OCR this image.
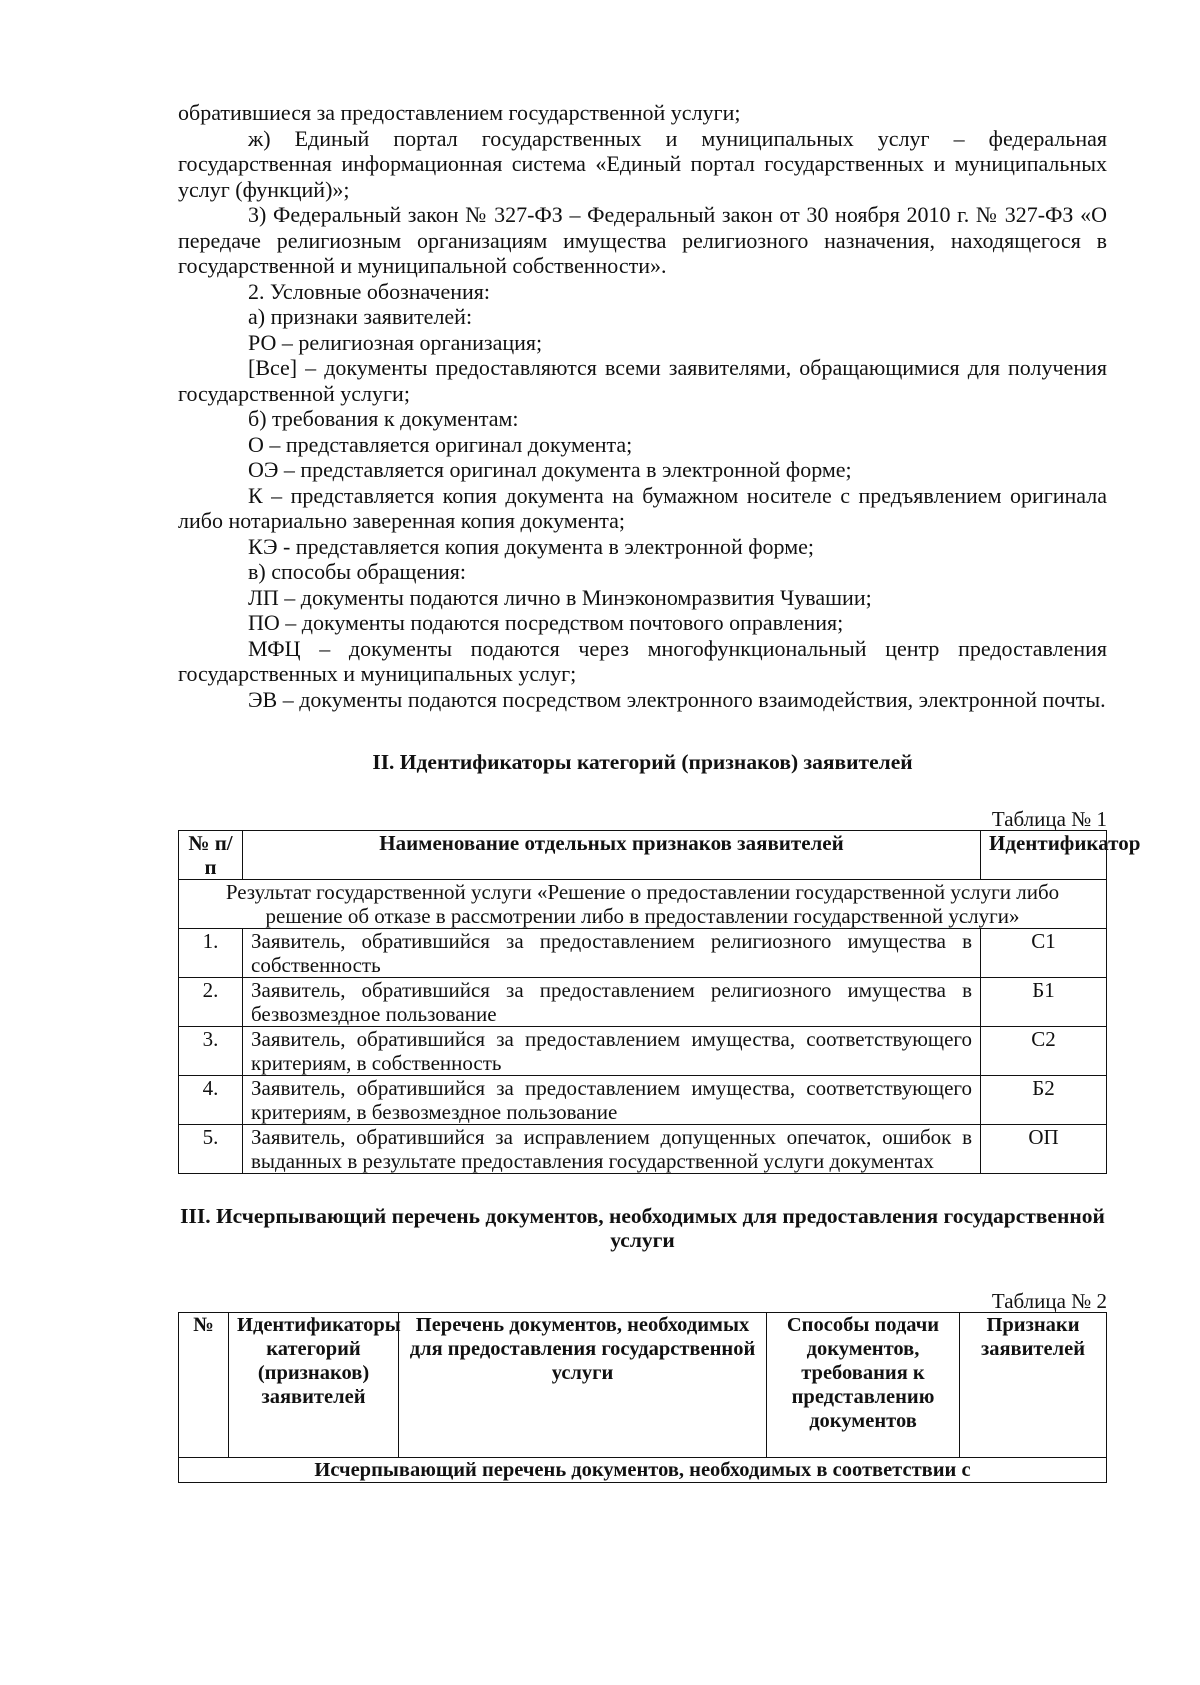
обратившиеся за предоставлением государственной услуги;

ж) Единый портал государственных и муниципальных услуг – федеральная государственная информационная система «Единый портал государственных и муниципальных услуг (функций)»;

3) Федеральный закон № 327-ФЗ – Федеральный закон от 30 ноября 2010 г. № 327-ФЗ «О передаче религиозным организациям имущества религиозного назначения, находящегося в государственной и муниципальной собственности».

2. Условные обозначения:

а) признаки заявителей:

РО – религиозная организация;

[Все] – документы предоставляются всеми заявителями, обращающимися для получения государственной услуги;

б) требования к документам:

О – представляется оригинал документа;

ОЭ – представляется оригинал документа в электронной форме;

К – представляется копия документа на бумажном носителе с предъявлением оригинала либо нотариально заверенная копия документа;

КЭ - представляется копия документа в электронной форме;

в) способы обращения:

ЛП – документы подаются лично в Минэкономразвития Чувашии;

ПО – документы подаются посредством почтового оправления;

МФЦ – документы подаются через многофункциональный центр предоставления государственных и муниципальных услуг;

ЭВ – документы подаются посредством электронного взаимодействия, электронной почты.

II. Идентификаторы категорий (признаков) заявителей

Таблица № 1

№ п/п	Наименование отдельных признаков заявителей	Идентификатор
Результат государственной услуги «Решение о предоставлении государственной услуги либо решение об отказе в рассмотрении либо в предоставлении государственной услуги»		
1.	Заявитель, обратившийся за предоставлением религиозного имущества в собственность	С1
2.	Заявитель, обратившийся за предоставлением религиозного имущества в безвозмездное пользование	Б1
3.	Заявитель, обратившийся за предоставлением имущества, соответствующего критериям, в собственность	С2
4.	Заявитель, обратившийся за предоставлением имущества, соответствующего критериям, в безвозмездное пользование	Б2
5.	Заявитель, обратившийся за исправлением допущенных опечаток, ошибок в выданных в результате предоставления государственной услуги документах	ОП
III. Исчерпывающий перечень документов, необходимых для предоставления государственной услуги

Таблица № 2

№	Идентификаторы категорий (признаков) заявителей	Перечень документов, необходимых для предоставления государственной услуги	Способы подачи документов, требования к представлению документов	Признаки заявителей
Исчерпывающий перечень документов, необходимых в соответствии с
